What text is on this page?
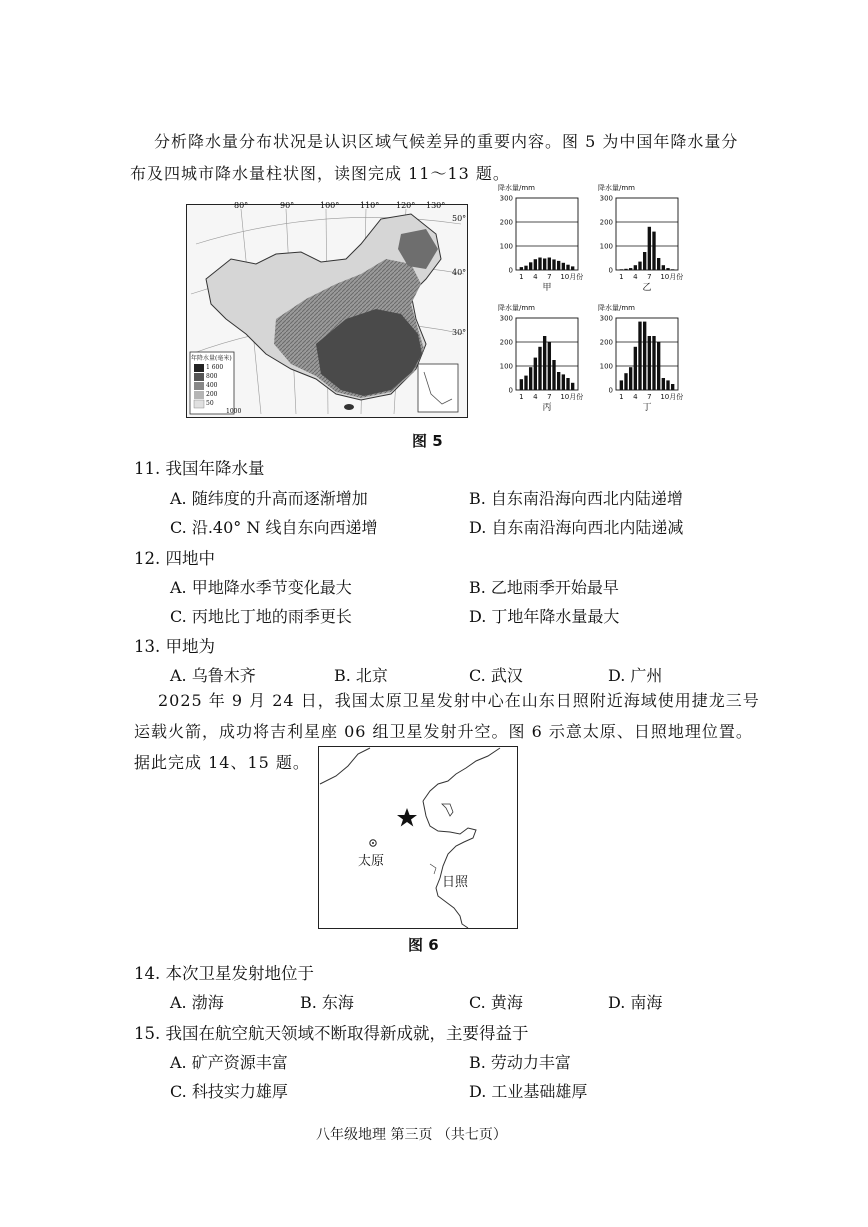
分析降水量分布状况是认识区域气候差异的重要内容。图 5 为中国年降水量分
布及四城市降水量柱状图，读图完成 11～13 题。
80°	90°	100°	110° 120° 130°
50°
40°
30°
年降水量(毫米)
1 600
800
400
200
50
1000
降水量/mm
0
100
200
300
1 4 7 10月份
甲
降水量/mm
0
100
200
300
1 4 7 10月份
乙
降水量/mm
0
100
200
300
1 4 7 10月份
丙
降水量/mm
0
100
200
300
1 4 7 10月份
丁
图 5
11. 我国年降水量
A. 随纬度的升高而逐渐增加	B. 自东南沿海向西北内陆递增
C. 沿.40° N 线自东向西递增	D. 自东南沿海向西北内陆递减
12. 四地中
A. 甲地降水季节变化最大	B. 乙地雨季开始最早
C. 丙地比丁地的雨季更长	D. 丁地年降水量最大
13. 甲地为
A. 乌鲁木齐	B. 北京	C. 武汉	D. 广州
2025 年 9 月 24 日，我国太原卫星发射中心在山东日照附近海域使用捷龙三号
运载火箭，成功将吉利星座 06 组卫星发射升空。图 6 示意太原、日照地理位置。
据此完成 14、15 题。
太原
日照
图 6
14. 本次卫星发射地位于
A. 渤海	B. 东海	C. 黄海	D. 南海
15. 我国在航空航天领域不断取得新成就，主要得益于
A. 矿产资源丰富	B. 劳动力丰富
C. 科技实力雄厚	D. 工业基础雄厚
八年级地理 第三页 （共七页）
